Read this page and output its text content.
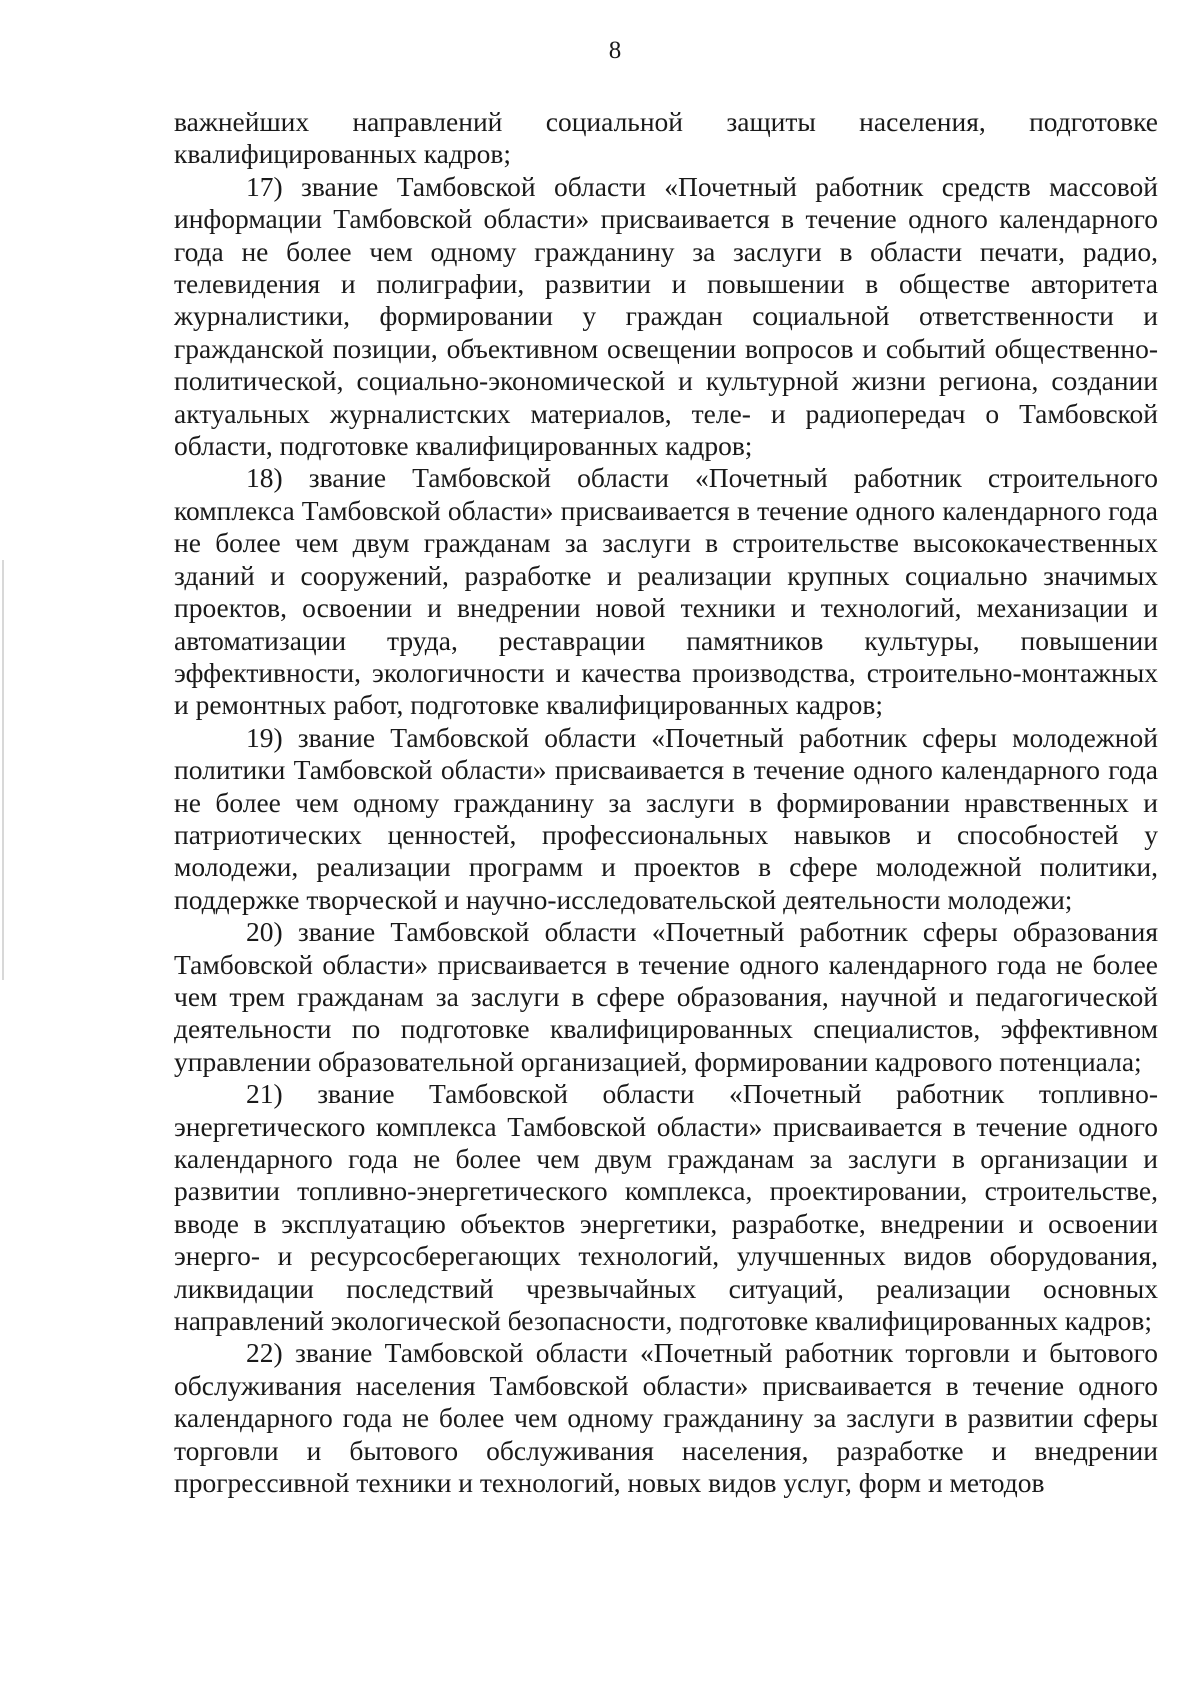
8

важнейших направлений социальной защиты населения, подготовке квалифицированных кадров;

17) звание Тамбовской области «Почетный работник средств массовой информации Тамбовской области» присваивается в течение одного календарного года не более чем одному гражданину за заслуги в области печати, радио, телевидения и полиграфии, развитии и повышении в обществе авторитета журналистики, формировании у граждан социальной ответственности и гражданской позиции, объективном освещении вопросов и событий общественно-политической, социально-экономической и культурной жизни региона, создании актуальных журналистских материалов, теле- и радиопередач о Тамбовской области, подготовке квалифицированных кадров;

18) звание Тамбовской области «Почетный работник строительного комплекса Тамбовской области» присваивается в течение одного календарного года не более чем двум гражданам за заслуги в строительстве высококачественных зданий и сооружений, разработке и реализации крупных социально значимых проектов, освоении и внедрении новой техники и технологий, механизации и автоматизации труда, реставрации памятников культуры, повышении эффективности, экологичности и качества производства, строительно-монтажных и ремонтных работ, подготовке квалифицированных кадров;

19) звание Тамбовской области «Почетный работник сферы молодежной политики Тамбовской области» присваивается в течение одного календарного года не более чем одному гражданину за заслуги в формировании нравственных и патриотических ценностей, профессиональных навыков и способностей у молодежи, реализации программ и проектов в сфере молодежной политики, поддержке творческой и научно-исследовательской деятельности молодежи;

20) звание Тамбовской области «Почетный работник сферы образования Тамбовской области» присваивается в течение одного календарного года не более чем трем гражданам за заслуги в сфере образования, научной и педагогической деятельности по подготовке квалифицированных специалистов, эффективном управлении образовательной организацией, формировании кадрового потенциала;

21) звание Тамбовской области «Почетный работник топливно-энергетического комплекса Тамбовской области» присваивается в течение одного календарного года не более чем двум гражданам за заслуги в организации и развитии топливно-энергетического комплекса, проектировании, строительстве, вводе в эксплуатацию объектов энергетики, разработке, внедрении и освоении энерго- и ресурсосберегающих технологий, улучшенных видов оборудования, ликвидации последствий чрезвычайных ситуаций, реализации основных направлений экологической безопасности, подготовке квалифицированных кадров;

22) звание Тамбовской области «Почетный работник торговли и бытового обслуживания населения Тамбовской области» присваивается в течение одного календарного года не более чем одному гражданину за заслуги в развитии сферы торговли и бытового обслуживания населения, разработке и внедрении прогрессивной техники и технологий, новых видов услуг, форм и методов
